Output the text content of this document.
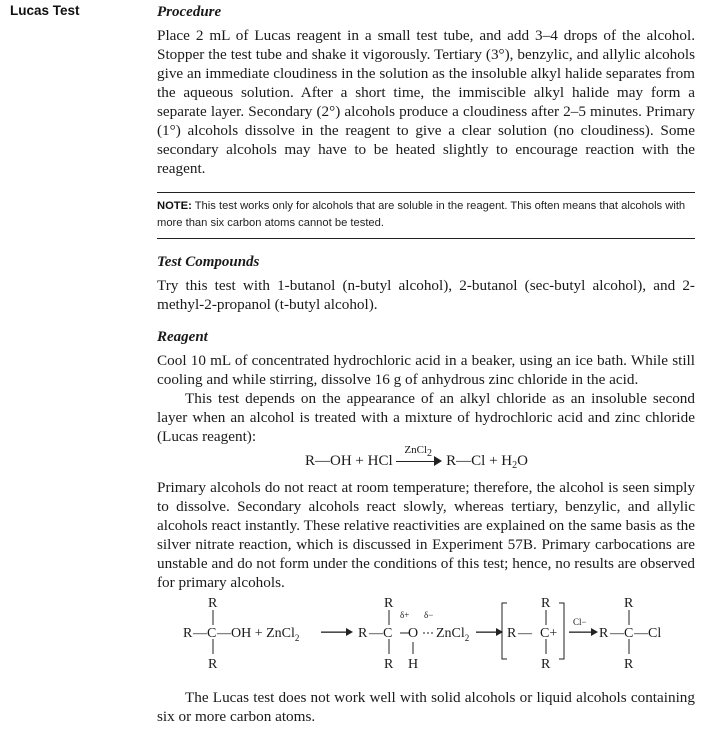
Lucas Test	Procedure

Place 2 mL of Lucas reagent in a small test tube, and add 3–4 drops of the alcohol. Stopper the test tube and shake it vigorously. Tertiary (3°), benzylic, and allylic alcohols give an immediate cloudiness in the solution as the insoluble alkyl halide separates from the aqueous solution. After a short time, the immiscible alkyl halide may form a separate layer. Secondary (2°) alcohols produce a cloudiness after 2–5 minutes. Primary (1°) alcohols dissolve in the reagent to give a clear solution (no cloudiness). Some secondary alcohols may have to be heated slightly to encourage reaction with the reagent.

NOTE: This test works only for alcohols that are soluble in the reagent. This often means that alcohols with more than six carbon atoms cannot be tested.
Test Compounds

Try this test with 1-butanol (n-butyl alcohol), 2-butanol (sec-butyl alcohol), and 2-methyl-2-propanol (t-butyl alcohol).

Reagent

Cool 10 mL of concentrated hydrochloric acid in a beaker, using an ice bath. While still cooling and while stirring, dissolve 16 g of anhydrous zinc chloride in the acid.

This test depends on the appearance of an alkyl chloride as an insoluble second layer when an alcohol is treated with a mixture of hydrochloric acid and zinc chloride (Lucas reagent):

R—OH + HCl
ZnCl$_2$ R—Cl + $H_2O$

Primary alcohols do not react at room temperature; therefore, the alcohol is seen simply to dissolve. Secondary alcohols react slowly, whereas tertiary, benzylic, and allylic alcohols react instantly. These relative reactivities are explained on the same basis as the silver nitrate reaction, which is discussed in Experiment 57B. Primary carbocations are unstable and do not form under the conditions of this test; hence, no results are observed for primary alcohols.

R
R — C —OH + ZnCl$_2$
R
R
R — C O
δ+ δ−
ZnCl$_2$
R H
R
R — C+
R
Cl−
R
R — C —Cl
R

The Lucas test does not work well with solid alcohols or liquid alcohols containing six or more carbon atoms.
